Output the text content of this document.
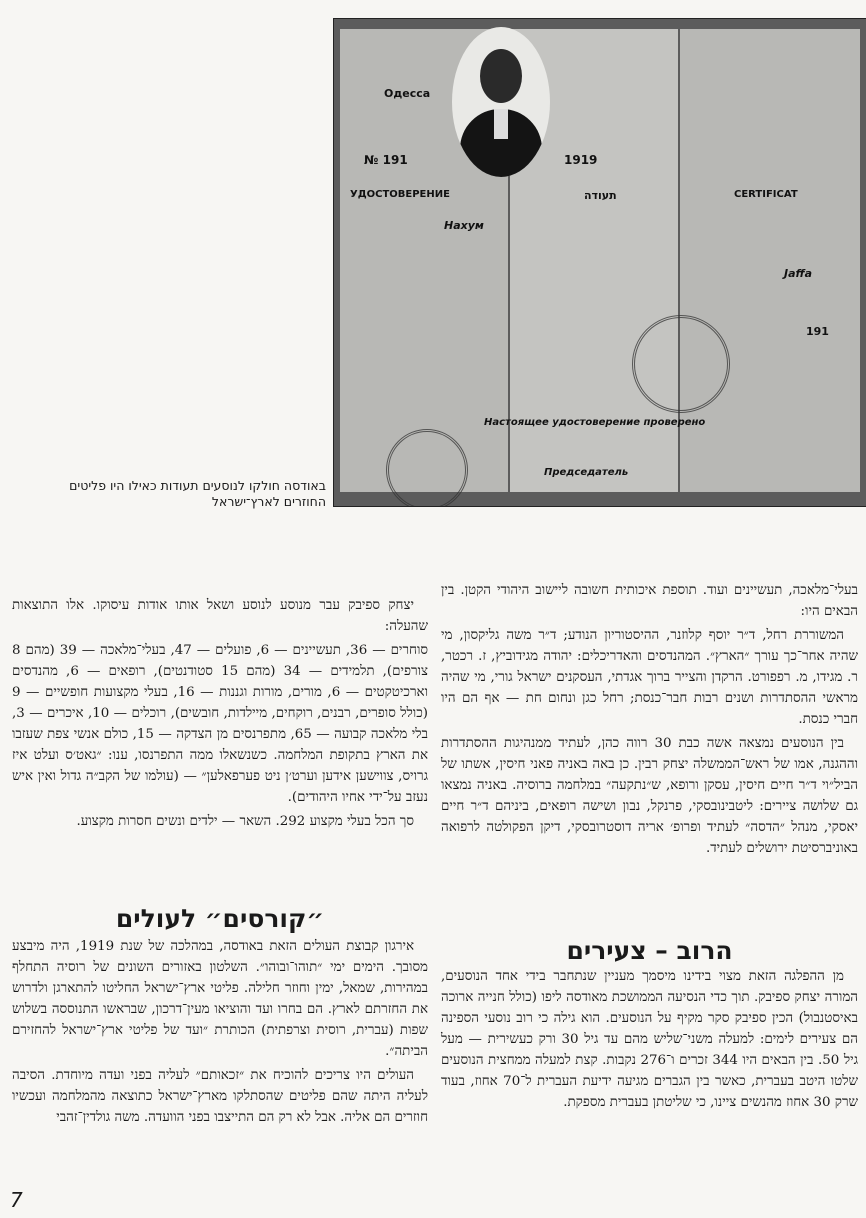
Одесса
№ 191	1919
УДОСТОВЕРЕНИЕ	תעודה	CERTIFICAT
Нахум
Jaffa
191
Настоящее удостоверение проверено
Председатель
באודסה חולקו לנוסעים תעודות כאילו היו פליטים החוזרים לארץ־ישראל

בעלי־מלאכה, תעשיינים ועוד. תוספת איכותית חשובה ליישוב היהודי הקטן. בין הבאים היו:

המשוררת רחל, ד״ר יוסף קלוזנר, ההיסטוריון הנודע; ד״ר משה גליקסון, מי שהיה אחר־כך עורך ״הארץ״. המהנדסים והאדריכלים: יהודה מגידוביץ, ז. רכטר, ר. מגידו, מ. רפפורט. הרקדן והצייר ברוך אגדתי, העסקנים ישראל גורי, מי שהיה מראשי ההסתדרות ושנים רבות חבר־כנסת; רחל כגן ונחום חת — אף הם היו חברי כנסת.

בין הנוסעים נמצאה אשה כבת 30 רווה כהן, לעתיד ממנהיגות ההסתדרות וההגנה, אמו של ראש־הממשלה יצחק רבין. כן באה באניה פאני חיסין, אשתו של הביל״וי ד״ר חיים חיסין, עסקן ורופא, ש״נתקעה״ במלחמה ברוסיה. באניה נמצאו גם שלושה ציירים: ליטבינובסקי, פרנקל, נבון ושישה רופאים, ביניהם ד״ר חיים יאסקי, מנהל ״הדסה״ לעתיד ופרופ׳ אריה דוסטרובסקי, דיקן הפקולטה לרפואה באוניברסיטת ירושלים לעתיד.

הרוב – צעירים

מן ההפלגה הזאת מצוי בידינו מיסמך מעניין שנתחבר בידי אחד הנוסעים, המורה יצחק ספיבק. תוך כדי הנסיעה הממושכת מאודסה ליפו (כולל חנייה ארוכה באיסטנבול) הכין ספיבק סקר מקיף על הנוסעים. הוא גילה כי רוב נוסעי הספינה הם צעירים לימים: למעלה משני־שליש מהם עד גיל 30 ורק כעשירית — מעל גיל 50. בין הבאים היו 344 זכרים ו־276 נקבות. קצת למעלה ממחצית הנוסעים שלטו היטב בעברית, כאשר בין הגברים מגיעה ידיעת העברית ל־70 אחוז, בעוד שרק 30 אחוז מהנשים ציינו, כי שליטתן בעברית מספקת.

יצחק ספיבק עבר מנוסע לנוסע ושאל אותו אודות עיסוקו. אלו התוצאות שהעלה:

סוחרים — 36, תעשיינים — 6, פועלים — 47, בעלי־מלאכה — 39 (מהם 8 צורפים), תלמידים — 34 (מהם 15 סטודנטים), רופאים — 6, מהנדסים וארכיטקטים — 6, מורים, מורות וגננות — 16, בעלי מקצועות חופשיים — 9 (כולל סופרים, רבנים, רוקחים, מיילדות, חובשים), רוכלים — 10, איכרים — 3, בלי מלאכה קבועה — 65, מתפרנסים מן הצדקה — 15, כולם אנשי צפת שעזבו את הארץ בתקופת המלחמה. כשנשאלו ממה התפרנסו, ענו: ״גאט׳ס ועלט איז גרויס, צווישען אידען וערט׳ן ניט פערפאלען״ — (עולמו של הקב״ה גדול ואין איש נעזב על־ידי אחיו היהודים).

סך הכל בעלי מקצוע 292. השאר — ילדים ונשים חסרות מקצוע.

״קורסים״ לעולים

אירגון קבוצת העולים הזאת באודסה, במהלכה של שנת 1919, היה מיבצע מסובך. הימים ימי ״תוהו־ובוהו״. השלטון באזורים השונים של רוסיה התחלף במהירות, שמאל, ימין וחוזר חלילה. פליטי ארץ־ישראל החליטו להתארגן ולדרוש את החזרתם לארץ. הם בחרו ועד והוציאו מעין־דרכון, שבראשו התנוססה בשלוש שפות (עברית, רוסית וצרפתית) הכותרת ״ועד של פליטי ארץ־ישראל להחזירם הביתה״.

העולים היו צריכים להוכיח את ״זכאותם״ לעליה בפני ועדה מיוחדת. הסיבה לעליה היתה שהם פליטים שהסתלקו מארץ־ישראל כתוצאה מהמלחמה ועכשיו חוזרים הם אליה. אבל לא רק הם התייצבו בפני הוועדה. משה גולדין־זהבי

7
